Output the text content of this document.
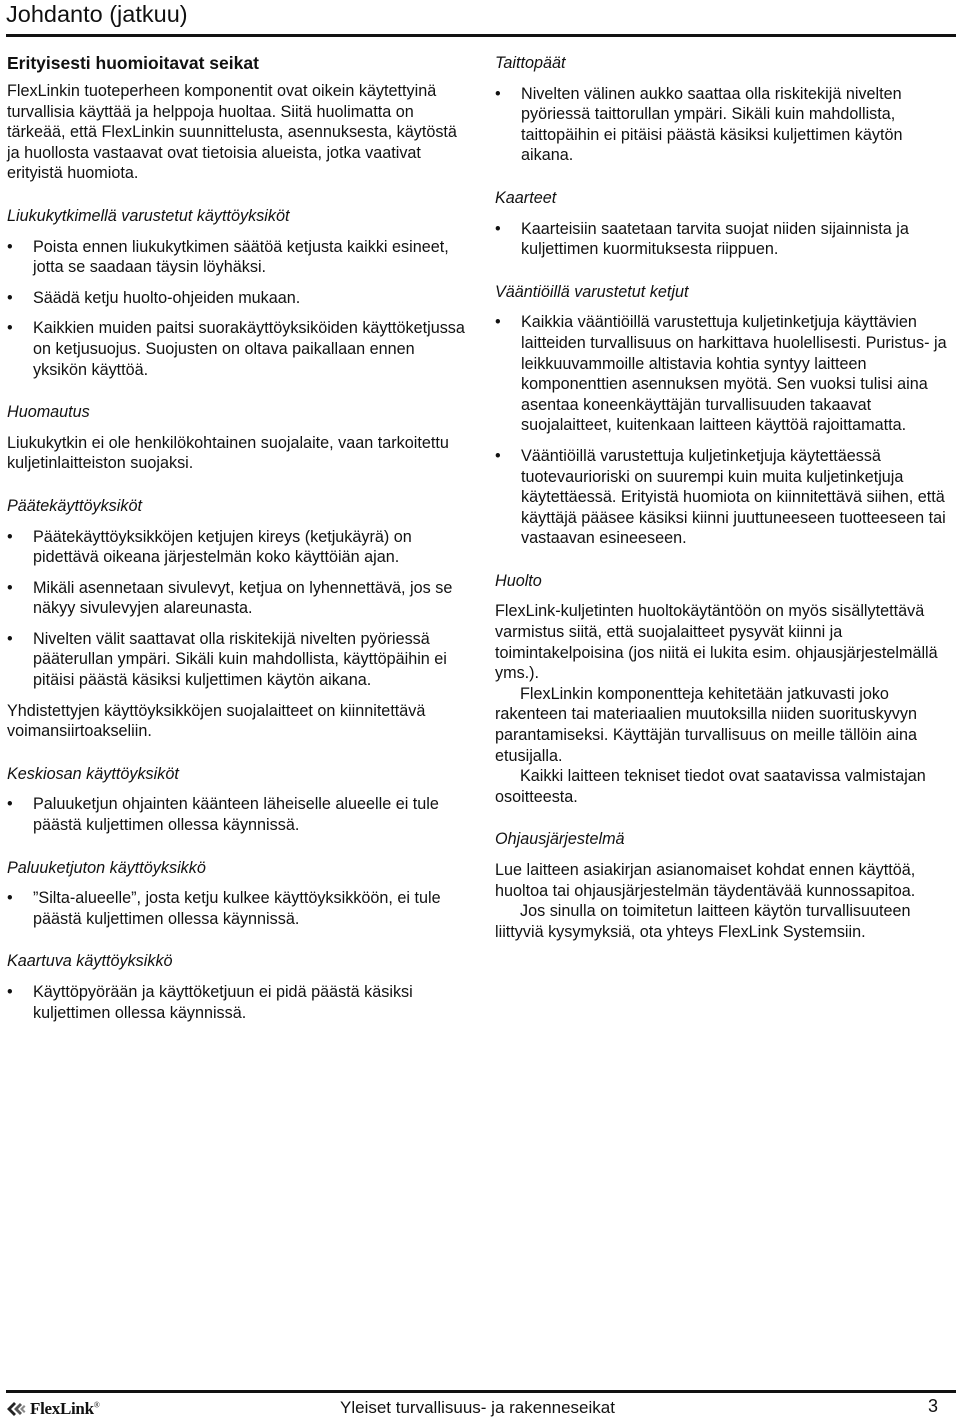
Johdanto (jatkuu)
Erityisesti huomioitavat seikat

FlexLinkin tuoteperheen komponentit ovat oikein käytettyinä turvallisia käyttää ja helppoja huoltaa. Siitä huolimatta on tärkeää, että FlexLinkin suunnittelusta, asennuksesta, käytöstä ja huollosta vastaavat ovat tietoisia alueista, jotka vaativat erityistä huomiota.

Liukukytkimellä varustetut käyttöyksiköt
• Poista ennen liukukytkimen säätöä ketjusta kaikki esineet, jotta se saadaan täysin löyhäksi.
• Säädä ketju huolto-ohjeiden mukaan.
• Kaikkien muiden paitsi suorakäyttöyksiköiden käyttöketjussa on ketjusuojus. Suojusten on oltava paikallaan ennen yksikön käyttöä.
Huomautus

Liukukytkin ei ole henkilökohtainen suojalaite, vaan tarkoitettu kuljetinlaitteiston suojaksi.

Päätekäyttöyksiköt
• Päätekäyttöyksikköjen ketjujen kireys (ketjukäyrä) on pidettävä oikeana järjestelmän koko käyttöiän ajan.
• Mikäli asennetaan sivulevyt, ketjua on lyhennettävä, jos se näkyy sivulevyjen alareunasta.
• Nivelten välit saattavat olla riskitekijä nivelten pyöriessä pääterullan ympäri. Sikäli kuin mahdollista, käyttöpäihin ei pitäisi päästä käsiksi kuljettimen käytön aikana.

Yhdistettyjen käyttöyksikköjen suojalaitteet on kiinnitettävä voimansiirtoakseliin.

Keskiosan käyttöyksiköt
• Paluuketjun ohjainten käänteen läheiselle alueelle ei tule päästä kuljettimen ollessa käynnissä.
Paluuketjuton käyttöyksikkö
• ”Silta-alueelle”, josta ketju kulkee käyttöyksikköön, ei tule päästä kuljettimen ollessa käynnissä.
Kaartuva käyttöyksikkö
• Käyttöpyörään ja käyttöketjuun ei pidä päästä käsiksi kuljettimen ollessa käynnissä.
Taittopäät
• Nivelten välinen aukko saattaa olla riskitekijä nivelten pyöriessä taittorullan ympäri. Sikäli kuin mahdollista, taittopäihin ei pitäisi päästä käsiksi kuljettimen käytön aikana.
Kaarteet
• Kaarteisiin saatetaan tarvita suojat niiden sijainnista ja kuljettimen kuormituksesta riippuen.
Vääntiöillä varustetut ketjut
• Kaikkia vääntiöillä varustettuja kuljetinketjuja käyttävien laitteiden turvallisuus on harkittava huolellisesti. Puristus- ja leikkuuvammoille altistavia kohtia syntyy laitteen komponenttien asennuksen myötä. Sen vuoksi tulisi aina asentaa koneenkäyttäjän turvallisuuden takaavat suojalaitteet, kuitenkaan laitteen käyttöä rajoittamatta.
• Vääntiöillä varustettuja kuljetinketjuja käytettäessä tuotevaurioriski on suurempi kuin muita kuljetinketjuja käytettäessä. Erityistä huomiota on kiinnitettävä siihen, että käyttäjä pääsee käsiksi kiinni juuttuneeseen tuotteeseen tai vastaavan esineeseen.
Huolto

FlexLink-kuljetinten huoltokäytäntöön on myös sisällytettävä varmistus siitä, että suojalaitteet pysyvät kiinni ja toimintakelpoisina (jos niitä ei lukita esim. ohjausjärjestelmällä yms.).

FlexLinkin komponentteja kehitetään jatkuvasti joko rakenteen tai materiaalien muutoksilla niiden suorituskyvyn parantamiseksi. Käyttäjän turvallisuus on meille tällöin aina etusijalla.

Kaikki laitteen tekniset tiedot ovat saatavissa valmistajan osoitteesta.

Ohjausjärjestelmä

Lue laitteen asiakirjan asianomaiset kohdat ennen käyttöä, huoltoa tai ohjausjärjestelmän täydentävää kunnossapitoa.

Jos sinulla on toimitetun laitteen käytön turvallisuuteen liittyviä kysymyksiä, ota yhteys FlexLink Systemsiin.

FlexLink®	Yleiset turvallisuus- ja rakenneseikat	3
